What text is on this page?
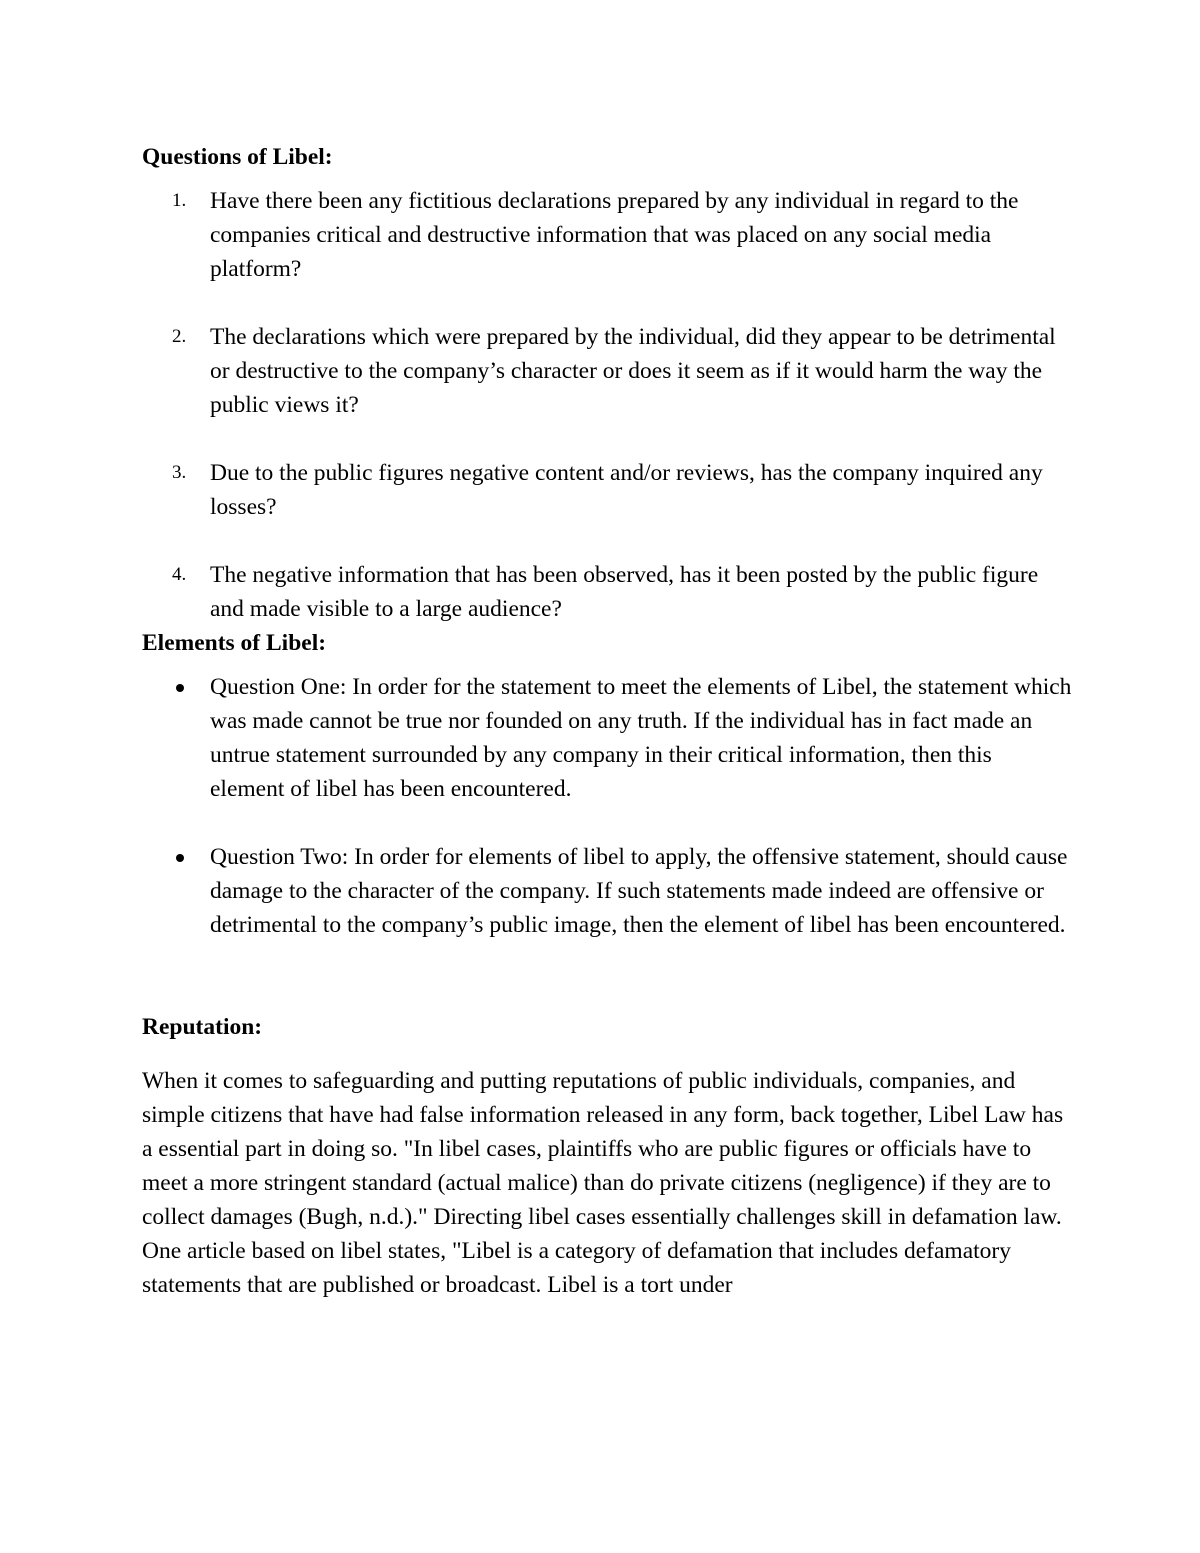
Questions of Libel:
1.	Have there been any fictitious declarations prepared by any individual in regard to the companies critical and destructive information that was placed on any social media platform?
2.	The declarations which were prepared by the individual, did they appear to be detrimental or destructive to the company’s character or does it seem as if it would harm the way the public views it?
3.	Due to the public figures negative content and/or reviews, has the company inquired any losses?
4.	The negative information that has been observed, has it been posted by the public figure and made visible to a large audience?
Elements of Libel:
Question One: In order for the statement to meet the elements of Libel, the statement which was made cannot be true nor founded on any truth. If the individual has in fact made an untrue statement surrounded by any company in their critical information, then this element of libel has been encountered.
Question Two: In order for elements of libel to apply, the offensive statement, should cause damage to the character of the company. If such statements made indeed are offensive or detrimental to the company’s public image, then the element of libel has been encountered.
Reputation:

When it comes to safeguarding and putting reputations of public individuals, companies, and simple citizens that have had false information released in any form, back together, Libel Law has a essential part in doing so. "In libel cases, plaintiffs who are public figures or officials have to meet a more stringent standard (actual malice) than do private citizens (negligence) if they are to collect damages (Bugh, n.d.)." Directing libel cases essentially challenges skill in defamation law. One article based on libel states, "Libel is a category of defamation that includes defamatory statements that are published or broadcast. Libel is a tort under
